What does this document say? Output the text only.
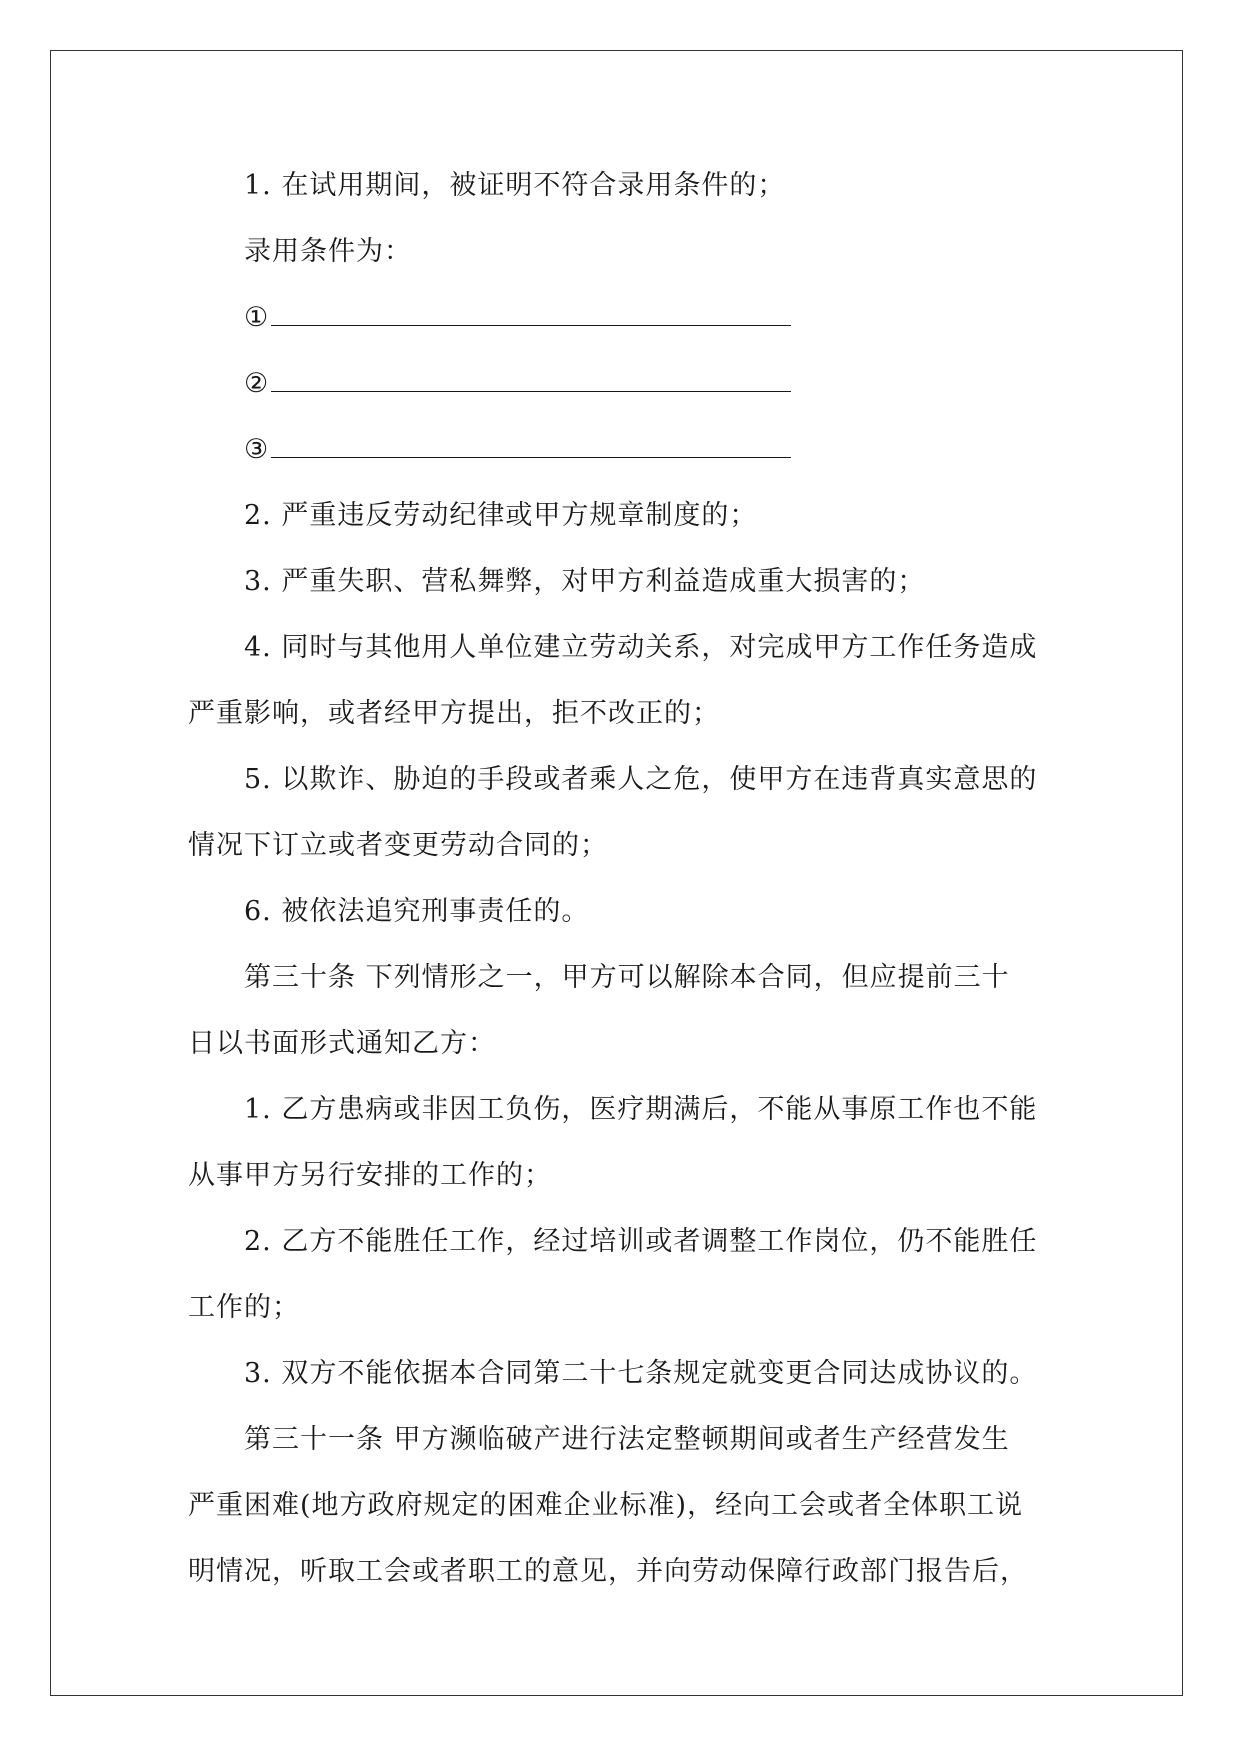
1. 在试用期间，被证明不符合录用条件的；
录用条件为：
①
②
③
2. 严重违反劳动纪律或甲方规章制度的；
3. 严重失职、营私舞弊，对甲方利益造成重大损害的；
4. 同时与其他用人单位建立劳动关系，对完成甲方工作任务造成
严重影响，或者经甲方提出，拒不改正的；
5. 以欺诈、胁迫的手段或者乘人之危，使甲方在违背真实意思的
情况下订立或者变更劳动合同的；
6. 被依法追究刑事责任的。
第三十条 下列情形之一，甲方可以解除本合同，但应提前三十
日以书面形式通知乙方：
1. 乙方患病或非因工负伤，医疗期满后，不能从事原工作也不能
从事甲方另行安排的工作的；
2. 乙方不能胜任工作，经过培训或者调整工作岗位，仍不能胜任
工作的；
3. 双方不能依据本合同第二十七条规定就变更合同达成协议的。
第三十一条 甲方濒临破产进行法定整顿期间或者生产经营发生
严重困难(地方政府规定的困难企业标准)，经向工会或者全体职工说
明情况，听取工会或者职工的意见，并向劳动保障行政部门报告后，
